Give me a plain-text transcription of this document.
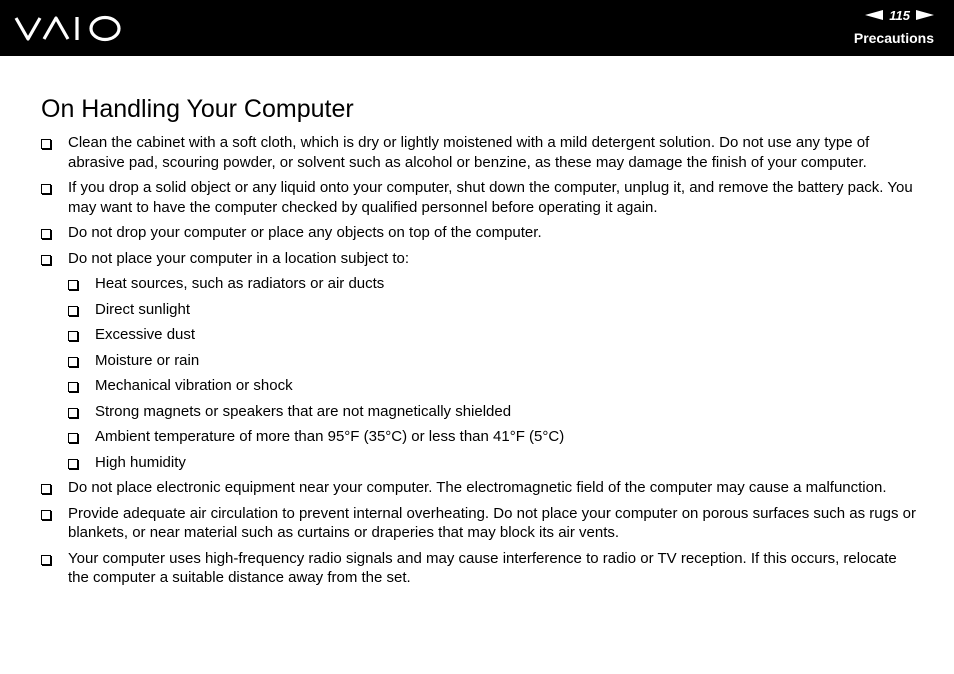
115
Precautions
On Handling Your Computer
Clean the cabinet with a soft cloth, which is dry or lightly moistened with a mild detergent solution. Do not use any type of abrasive pad, scouring powder, or solvent such as alcohol or benzine, as these may damage the finish of your computer.
If you drop a solid object or any liquid onto your computer, shut down the computer, unplug it, and remove the battery pack. You may want to have the computer checked by qualified personnel before operating it again.
Do not drop your computer or place any objects on top of the computer.
Do not place your computer in a location subject to:
Heat sources, such as radiators or air ducts
Direct sunlight
Excessive dust
Moisture or rain
Mechanical vibration or shock
Strong magnets or speakers that are not magnetically shielded
Ambient temperature of more than 95°F (35°C) or less than 41°F (5°C)
High humidity
Do not place electronic equipment near your computer. The electromagnetic field of the computer may cause a malfunction.
Provide adequate air circulation to prevent internal overheating. Do not place your computer on porous surfaces such as rugs or blankets, or near material such as curtains or draperies that may block its air vents.
Your computer uses high-frequency radio signals and may cause interference to radio or TV reception. If this occurs, relocate the computer a suitable distance away from the set.
